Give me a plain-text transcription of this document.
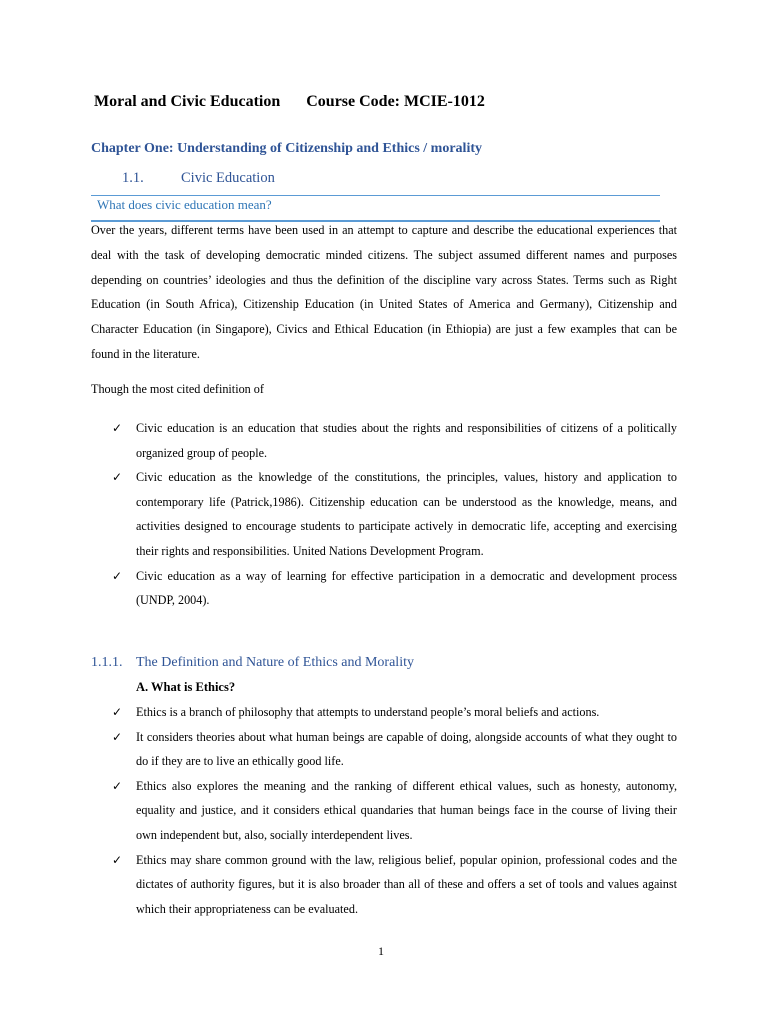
Moral and Civic Education Course Code: MCIE-1012
Chapter One: Understanding of Citizenship and Ethics / morality
1.1.	Civic Education
What does civic education mean?

Over the years, different terms have been used in an attempt to capture and describe the educational experiences that deal with the task of developing democratic minded citizens. The subject assumed different names and purposes depending on countries’ ideologies and thus the definition of the discipline vary across States. Terms such as Right Education (in South Africa), Citizenship Education (in United States of America and Germany), Citizenship and Character Education (in Singapore), Civics and Ethical Education (in Ethiopia) are just a few examples that can be found in the literature.

Though the most cited definition of
✓ Civic education is an education that studies about the rights and responsibilities of citizens of a politically organized group of people.
✓ Civic education as the knowledge of the constitutions, the principles, values, history and application to contemporary life (Patrick,1986). Citizenship education can be understood as the knowledge, means, and activities designed to encourage students to participate actively in democratic life, accepting and exercising their rights and responsibilities. United Nations Development Program.
✓ Civic education as a way of learning for effective participation in a democratic and development process (UNDP, 2004).
1.1.1. The Definition and Nature of Ethics and Morality
A. What is Ethics?
✓ Ethics is a branch of philosophy that attempts to understand people’s moral beliefs and actions.
✓ It considers theories about what human beings are capable of doing, alongside accounts of what they ought to do if they are to live an ethically good life.
✓ Ethics also explores the meaning and the ranking of different ethical values, such as honesty, autonomy, equality and justice, and it considers ethical quandaries that human beings face in the course of living their own independent but, also, socially interdependent lives.
✓ Ethics may share common ground with the law, religious belief, popular opinion, professional codes and the dictates of authority figures, but it is also broader than all of these and offers a set of tools and values against which their appropriateness can be evaluated.
1
